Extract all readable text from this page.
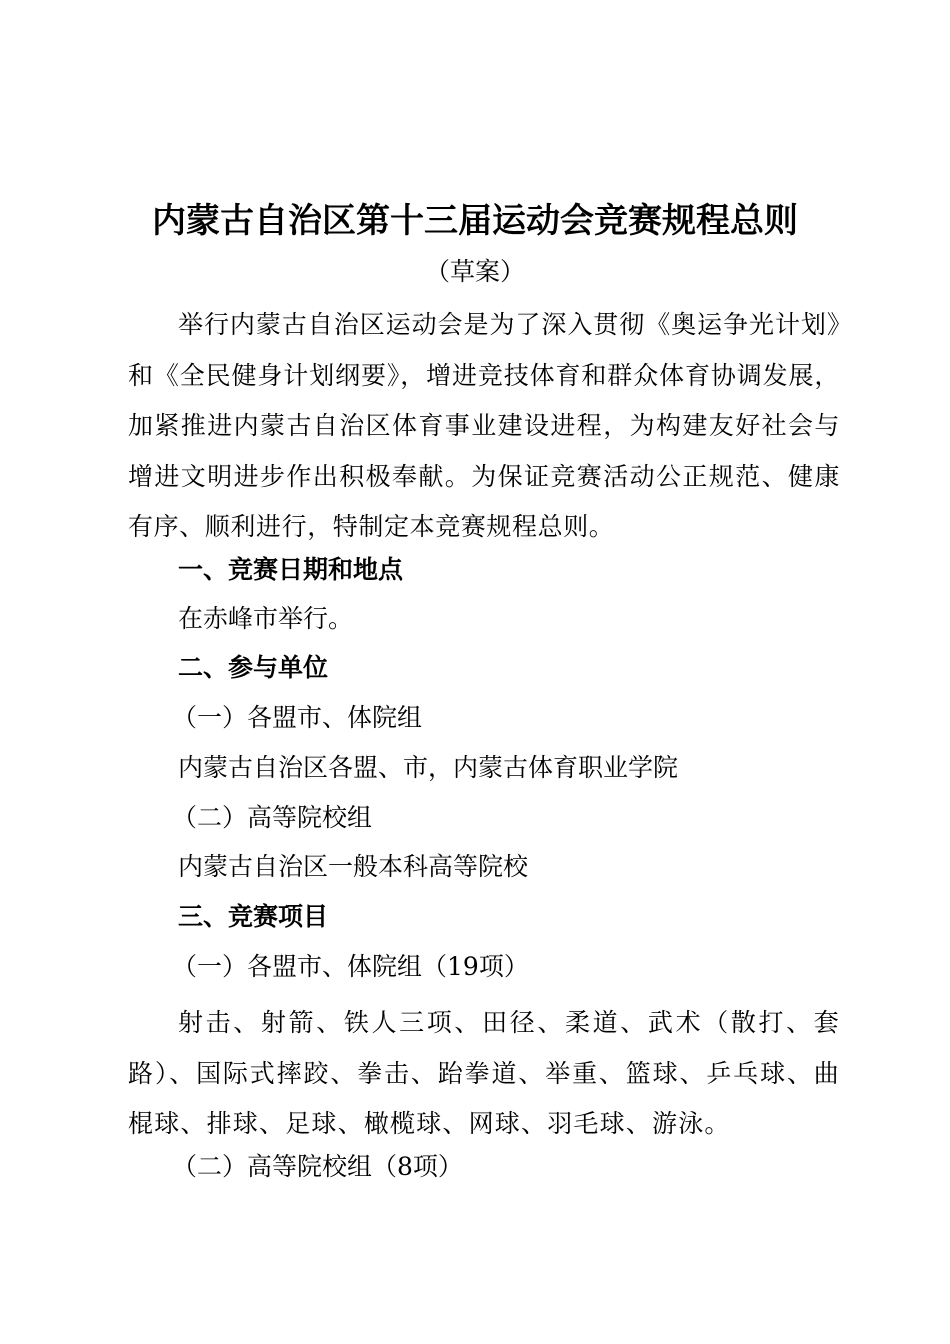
内蒙古自治区第十三届运动会竞赛规程总则
（草案）

举行内蒙古自治区运动会是为了深入贯彻《奥运争光计划》和《全民健身计划纲要》，增进竞技体育和群众体育协调发展，加紧推进内蒙古自治区体育事业建设进程，为构建友好社会与增进文明进步作出积极奉献。为保证竞赛活动公正规范、健康有序、顺利进行，特制定本竞赛规程总则。

一、竞赛日期和地点

在赤峰市举行。

二、参与单位

（一）各盟市、体院组

内蒙古自治区各盟、市，内蒙古体育职业学院

（二）高等院校组

内蒙古自治区一般本科高等院校

三、竞赛项目

（一）各盟市、体院组（19项）

射击、射箭、铁人三项、田径、柔道、武术（散打、套路）、国际式摔跤、拳击、跆拳道、举重、篮球、乒乓球、曲棍球、排球、足球、橄榄球、网球、羽毛球、游泳。

（二）高等院校组（8项）
